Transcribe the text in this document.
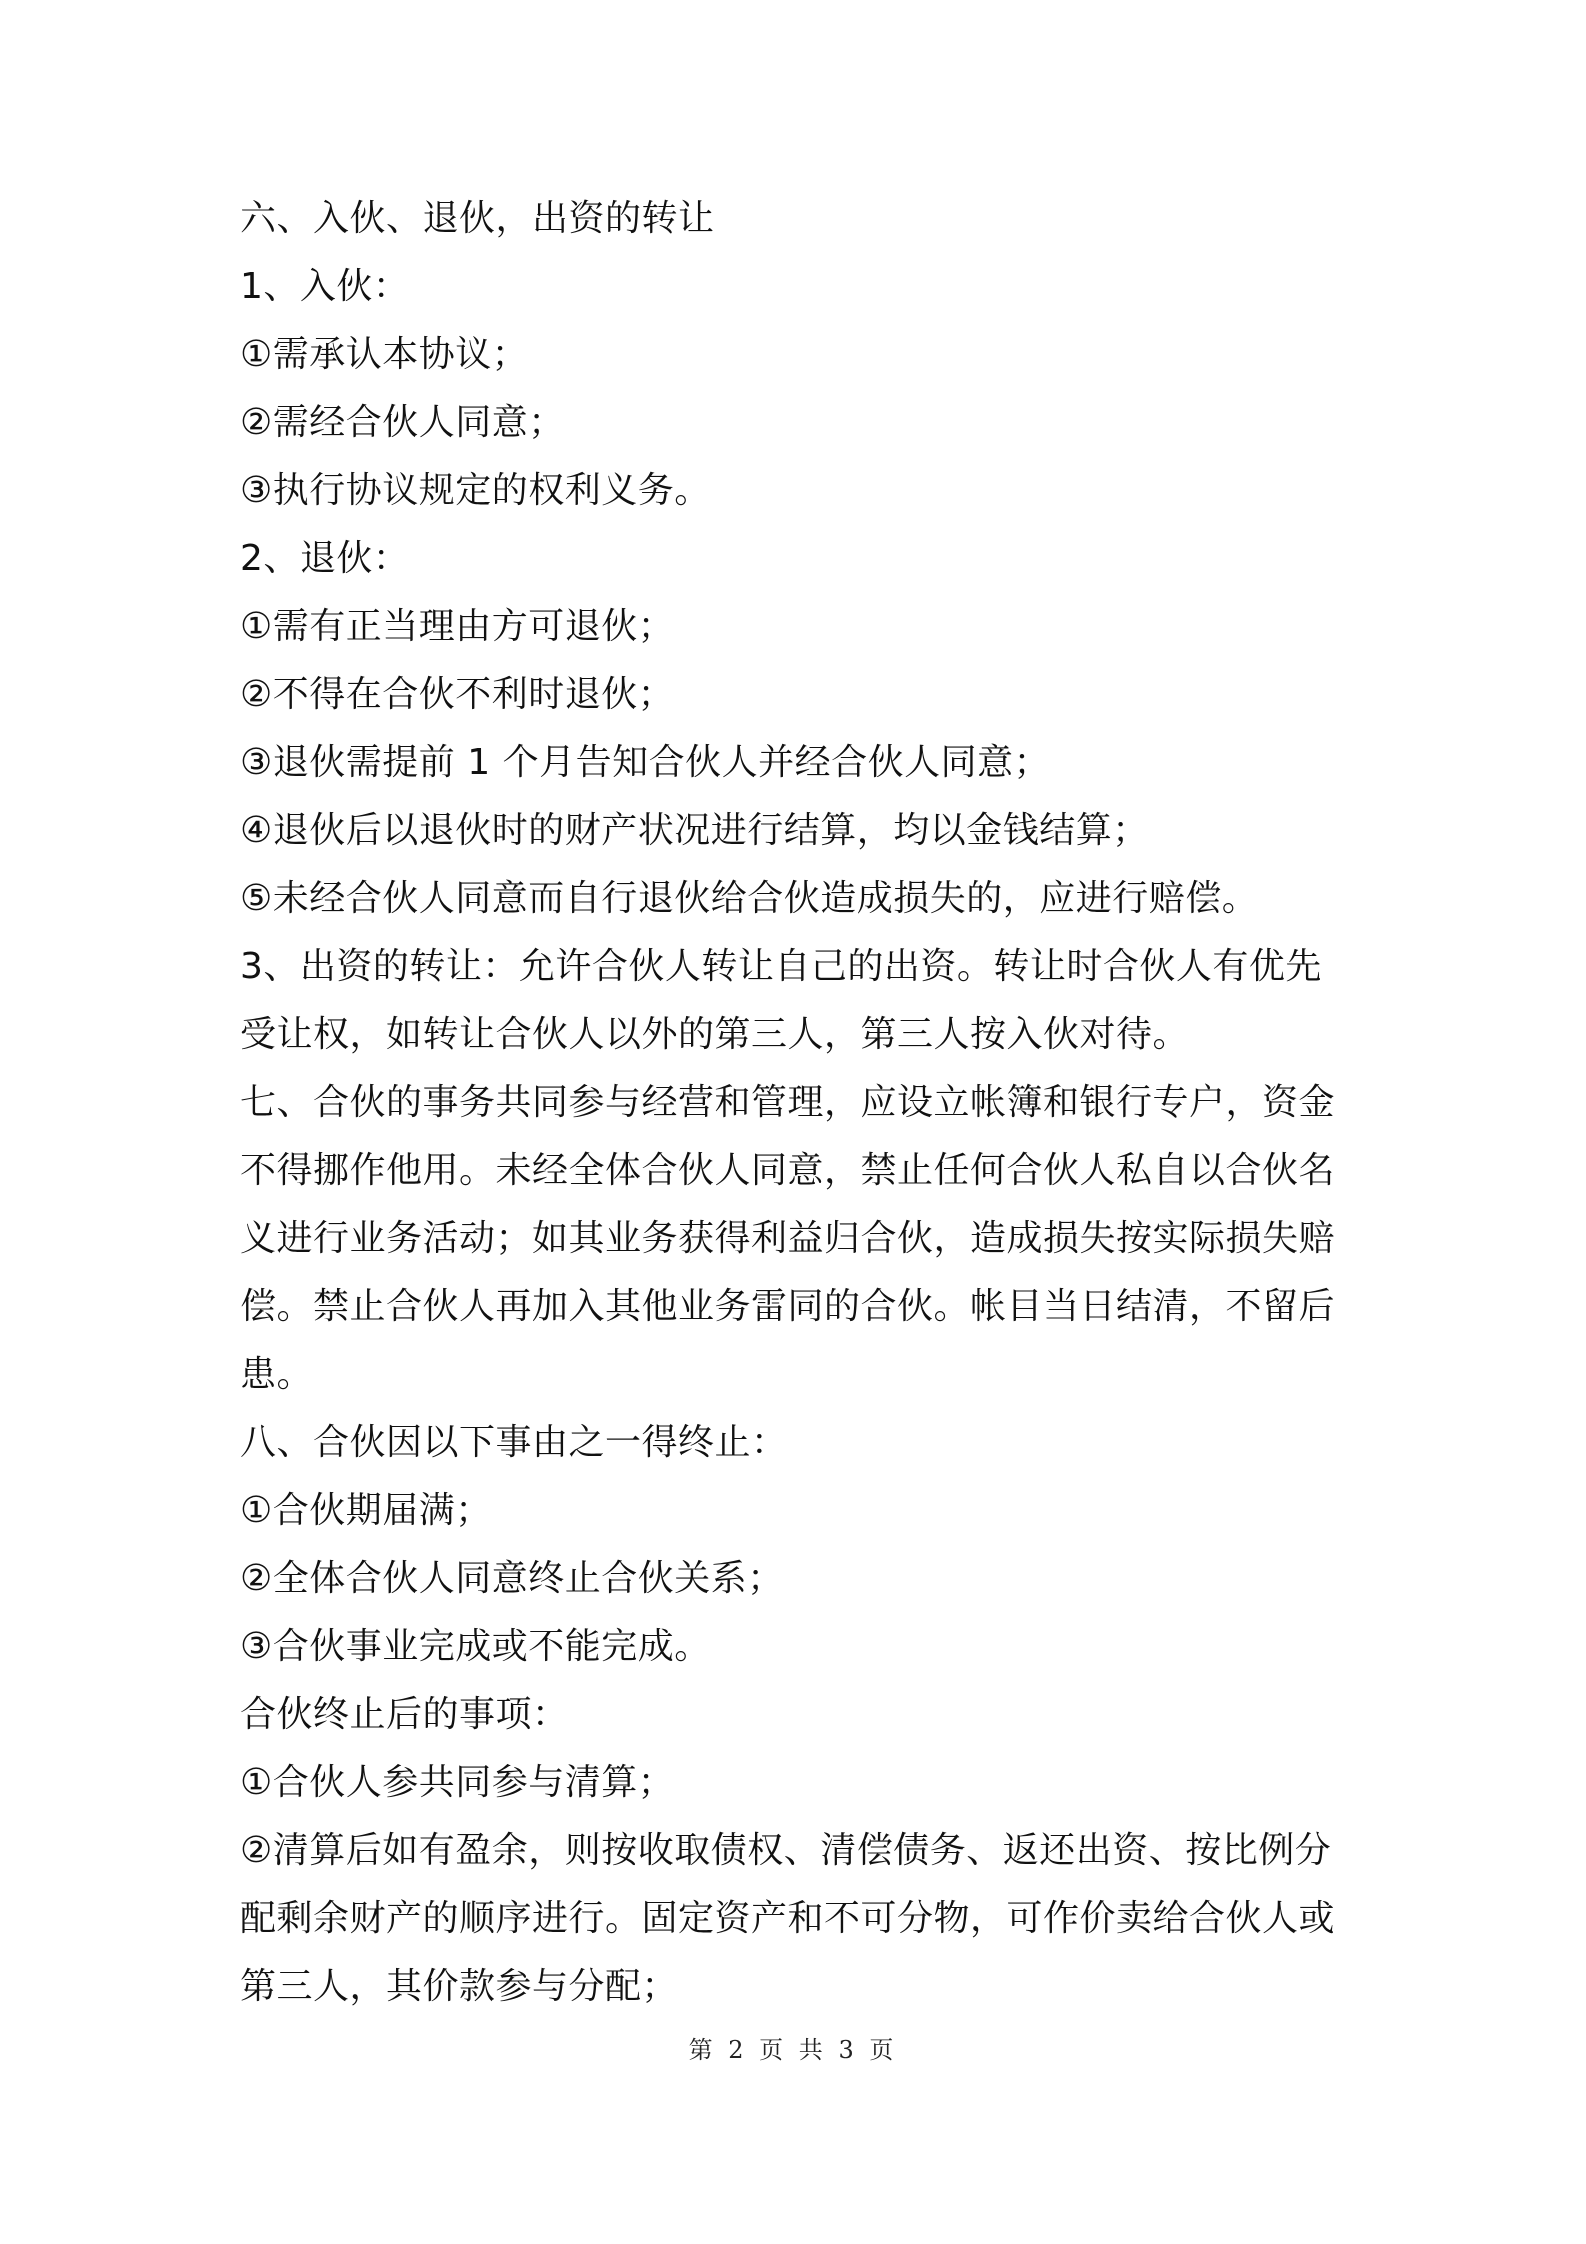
六、入伙、退伙，出资的转让
1、入伙：
①需承认本协议；
②需经合伙人同意；
③执行协议规定的权利义务。
2、退伙：
①需有正当理由方可退伙；
②不得在合伙不利时退伙；
③退伙需提前 1 个月告知合伙人并经合伙人同意；
④退伙后以退伙时的财产状况进行结算，均以金钱结算；
⑤未经合伙人同意而自行退伙给合伙造成损失的，应进行赔偿。
3、出资的转让：允许合伙人转让自己的出资。转让时合伙人有优先
受让权，如转让合伙人以外的第三人，第三人按入伙对待。
七、合伙的事务共同参与经营和管理，应设立帐簿和银行专户，资金
不得挪作他用。未经全体合伙人同意，禁止任何合伙人私自以合伙名
义进行业务活动；如其业务获得利益归合伙，造成损失按实际损失赔
偿。禁止合伙人再加入其他业务雷同的合伙。帐目当日结清，不留后
患。
八、合伙因以下事由之一得终止：
①合伙期届满；
②全体合伙人同意终止合伙关系；
③合伙事业完成或不能完成。
合伙终止后的事项：
①合伙人参共同参与清算；
②清算后如有盈余，则按收取债权、清偿债务、返还出资、按比例分
配剩余财产的顺序进行。固定资产和不可分物，可作价卖给合伙人或
第三人，其价款参与分配；
第 2 页 共 3 页
